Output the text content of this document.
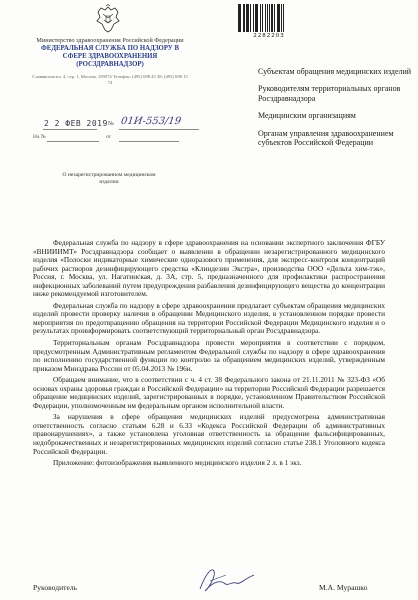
Министерство здравоохранения Российской Федерации
ФЕДЕРАЛЬНАЯ СЛУЖБА ПО НАДЗОРУ В СФЕРЕ ЗДРАВООХРАНЕНИЯ (РОСЗДРАВНАДЗОР)
Славянская пл. 4, стр. 1, Москва, 109074 Телефон: (495) 698 45 38; (495) 698 15 74
2 2 ФЕВ 2019 № 01И-553/19
На №	от
О незарегистрированном медицинском изделии
2282203
Субъектам обращения медицинских изделий
Руководителям территориальных органов Росздравнадзора
Медицинским организациям
Органам управления здравоохранением субъектов Российской Федерации

Федеральная служба по надзору в сфере здравоохранения на основании экспертного заключения ФГБУ «ВНИИИМТ» Росздравнадзора сообщает о выявлении в обращении незарегистрированного медицинского изделия «Полоски индикаторные химические одноразового применения, для экспресс-контроля концентраций рабочих растворов дезинфицирующего средства «Клиндезин Экстра», производства ООО «Дельта хим-тэк», Россия, г. Москва, ул. Нагатинская, д. 3А, стр. 5, предназначенного для профилактики распространения инфекционных заболеваний путем предупреждения разбавления дезинфицирующего вещества до концентрации ниже рекомендуемой изготовителем.

Федеральная служба по надзору в сфере здравоохранения предлагает субъектам обращения медицинских изделий провести проверку наличия в обращении Медицинского изделия, в установленном порядке провести мероприятия по предотвращению обращения на территории Российской Федерации Медицинского изделия и о результатах проинформировать соответствующий территориальный орган Росздравнадзора.

Территориальным органам Росздравнадзора провести мероприятия в соответствии с порядком, предусмотренным Административным регламентом Федеральной службы по надзору в сфере здравоохранения по исполнению государственной функции по контролю за обращением медицинских изделий, утвержденным приказом Минздрава России от 05.04.2013 № 196н.

Обращаем внимание, что в соответствии с ч. 4 ст. 38 Федерального закона от 21.11.2011 № 323-ФЗ «Об основах охраны здоровья граждан в Российской Федерации» на территории Российской Федерации разрешается обращение медицинских изделий, зарегистрированных в порядке, установленном Правительством Российской Федерации, уполномоченным им федеральным органом исполнительной власти.

За нарушения в сфере обращения медицинских изделий предусмотрена административная ответственность согласно статьям 6.28 и 6.33 «Кодекса Российской Федерации об административных правонарушениях», а также установлена уголовная ответственность за обращение фальсифицированных, недоброкачественных и незарегистрированных медицинских изделий согласно статье 238.1 Уголовного кодекса Российской Федерации.

Приложение: фотоизображения выявленного медицинского изделия 2 л. в 1 экз.

Руководитель	М.А. Мурашко
